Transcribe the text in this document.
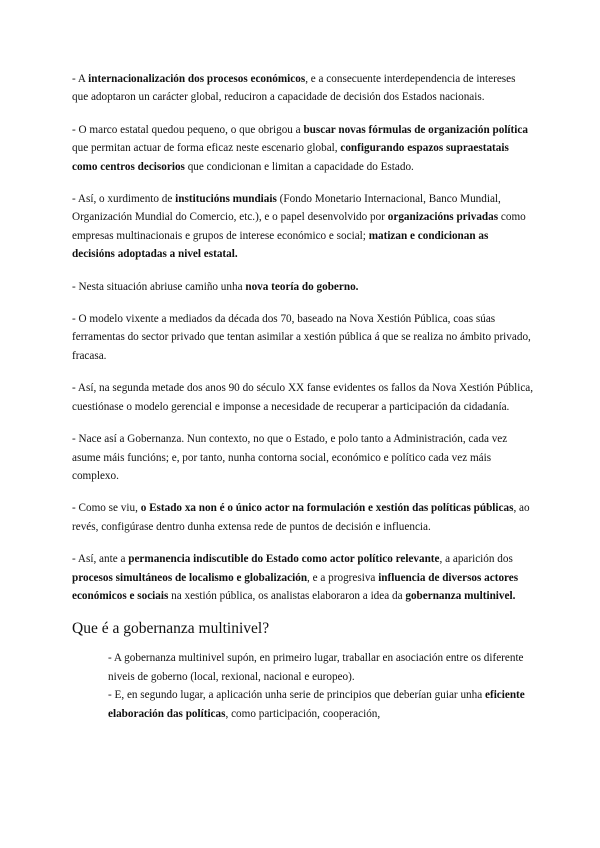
- A internacionalización dos procesos económicos, e a consecuente interdependencia de intereses que adoptaron un carácter global, reduciron a capacidade de decisión dos Estados nacionais.

- O marco estatal quedou pequeno, o que obrigou a buscar novas fórmulas de organización política que permitan actuar de forma eficaz neste escenario global, configurando espazos supraestatais como centros decisorios que condicionan e limitan a capacidade do Estado.

- Así, o xurdimento de institucións mundiais (Fondo Monetario Internacional, Banco Mundial, Organización Mundial do Comercio, etc.), e o papel desenvolvido por organizacións privadas como empresas multinacionais e grupos de interese económico e social; matizan e condicionan as decisións adoptadas a nivel estatal.

- Nesta situación abriuse camiño unha nova teoría do goberno.

- O modelo vixente a mediados da década dos 70, baseado na Nova Xestión Pública, coas súas ferramentas do sector privado que tentan asimilar a xestión pública á que se realiza no ámbito privado, fracasa.

- Así, na segunda metade dos anos 90 do século XX fanse evidentes os fallos da Nova Xestión Pública, cuestiónase o modelo gerencial e imponse a necesidade de recuperar a participación da cidadanía.

- Nace así a Gobernanza. Nun contexto, no que o Estado, e polo tanto a Administración, cada vez asume máis funcións; e, por tanto, nunha contorna social, económico e político cada vez máis complexo.

- Como se viu, o Estado xa non é o único actor na formulación e xestión das políticas públicas, ao revés, configúrase dentro dunha extensa rede de puntos de decisión e influencia.

- Así, ante a permanencia indiscutible do Estado como actor político relevante, a aparición dos procesos simultáneos de localismo e globalización, e a progresiva influencia de diversos actores económicos e sociais na xestión pública, os analistas elaboraron a idea da gobernanza multinivel.

Que é a gobernanza multinivel?

- A gobernanza multinivel supón, en primeiro lugar, traballar en asociación entre os diferente niveis de goberno (local, rexional, nacional e europeo).

- E, en segundo lugar, a aplicación unha serie de principios que deberían guiar unha eficiente elaboración das políticas, como participación, cooperación,
